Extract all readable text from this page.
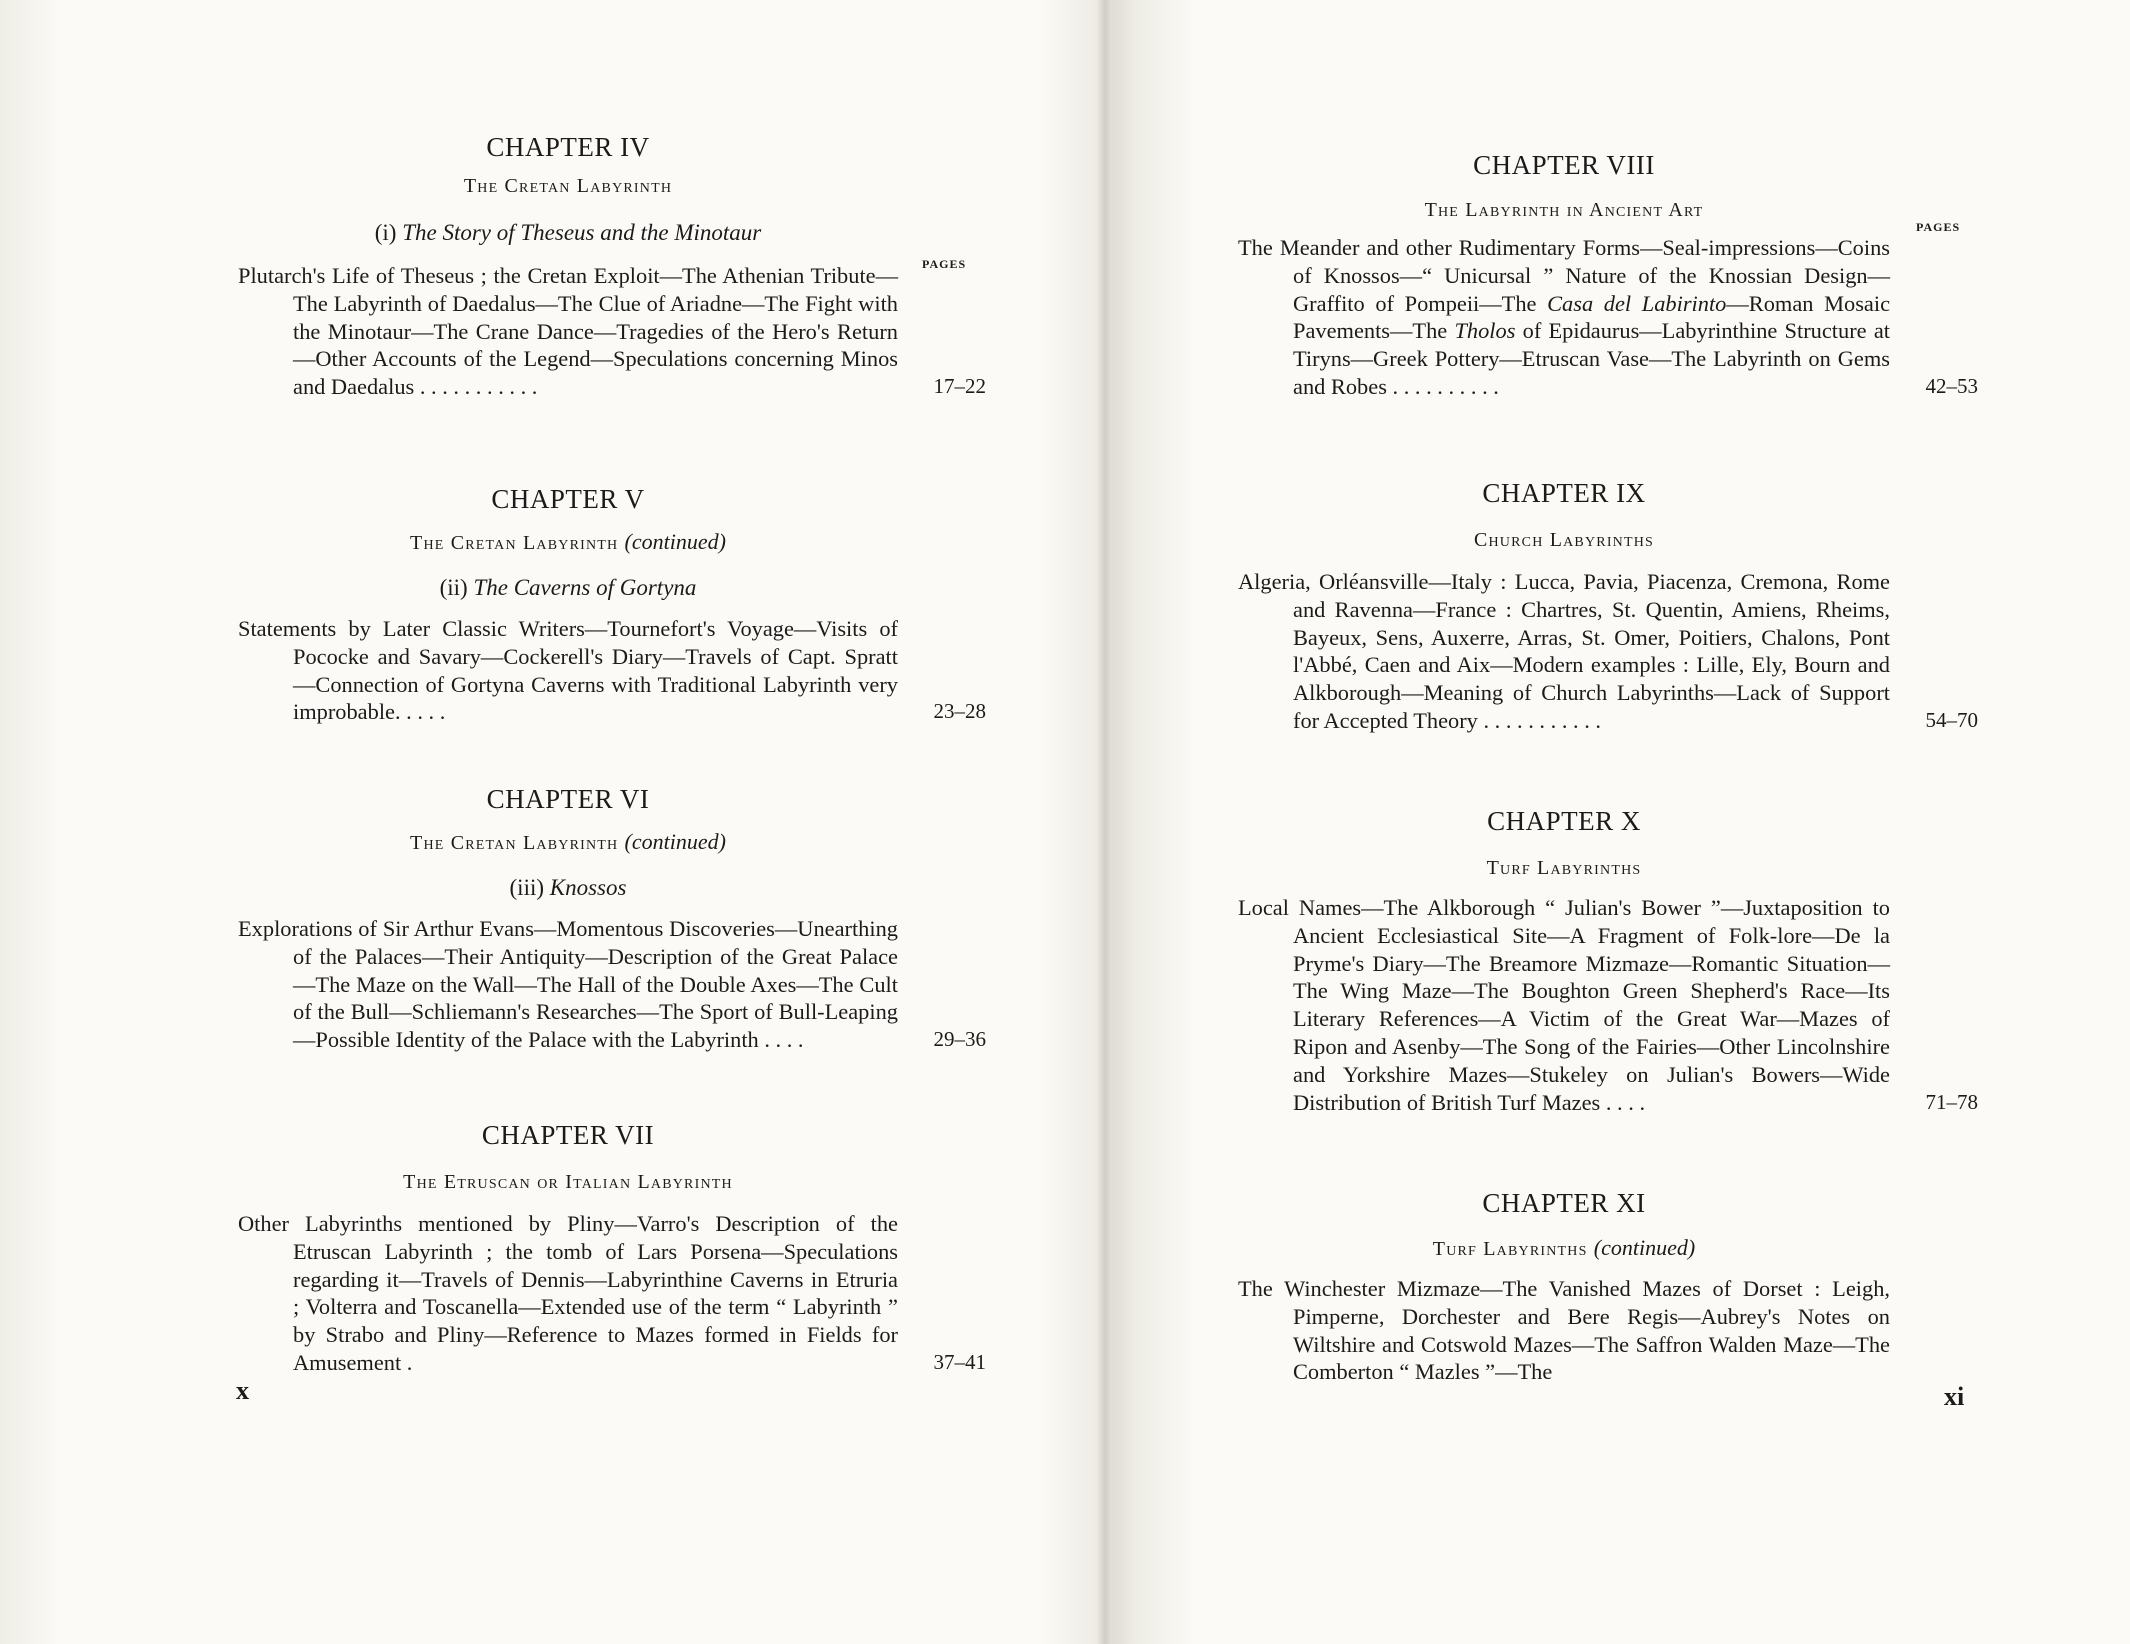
PAGES

CHAPTER IV

The Cretan Labyrinth

(i) The Story of Theseus and the Minotaur

Plutarch's Life of Theseus ; the Cretan Exploit—The Athenian Tribute—The Labyrinth of Daedalus—The Clue of Ariadne—The Fight with the Minotaur—The Crane Dance—Tragedies of the Hero's Return—Other Accounts of the Legend—Speculations concerning Minos and Daedalus . . . . . . . . . . .	17–22

CHAPTER V

The Cretan Labyrinth (continued)

(ii) The Caverns of Gortyna

Statements by Later Classic Writers—Tournefort's Voyage—Visits of Pococke and Savary—Cockerell's Diary—Travels of Capt. Spratt—Connection of Gortyna Caverns with Traditional Labyrinth very improbable. . . . .	23–28

CHAPTER VI

The Cretan Labyrinth (continued)

(iii) Knossos

Explorations of Sir Arthur Evans—Momentous Discoveries—Unearthing of the Palaces—Their Antiquity—Description of the Great Palace—The Maze on the Wall—The Hall of the Double Axes—The Cult of the Bull—Schliemann's Researches—The Sport of Bull-Leaping—Possible Identity of the Palace with the Labyrinth . . . .	29–36

CHAPTER VII

The Etruscan or Italian Labyrinth

Other Labyrinths mentioned by Pliny—Varro's Description of the Etruscan Labyrinth ; the tomb of Lars Porsena—Speculations regarding it—Travels of Dennis—Labyrinthine Caverns in Etruria ; Volterra and Toscanella—Extended use of the term “ Labyrinth ” by Strabo and Pliny—Reference to Mazes formed in Fields for Amusement .	37–41

x
PAGES

CHAPTER VIII

The Labyrinth in Ancient Art

The Meander and other Rudimentary Forms—Seal-impressions—Coins of Knossos—“ Unicursal ” Nature of the Knossian Design—Graffito of Pompeii—The Casa del Labirinto—Roman Mosaic Pavements—The Tholos of Epidaurus—Labyrinthine Structure at Tiryns—Greek Pottery—Etruscan Vase—The Labyrinth on Gems and Robes . . . . . . . . . .	42–53

CHAPTER IX

Church Labyrinths

Algeria, Orléansville—Italy : Lucca, Pavia, Piacenza, Cremona, Rome and Ravenna—France : Chartres, St. Quentin, Amiens, Rheims, Bayeux, Sens, Auxerre, Arras, St. Omer, Poitiers, Chalons, Pont l'Abbé, Caen and Aix—Modern examples : Lille, Ely, Bourn and Alkborough—Meaning of Church Labyrinths—Lack of Support for Accepted Theory . . . . . . . . . . .	54–70

CHAPTER X

Turf Labyrinths

Local Names—The Alkborough “ Julian's Bower ”—Juxtaposition to Ancient Ecclesiastical Site—A Fragment of Folk-lore—De la Pryme's Diary—The Breamore Mizmaze—Romantic Situation—The Wing Maze—The Boughton Green Shepherd's Race—Its Literary References—A Victim of the Great War—Mazes of Ripon and Asenby—The Song of the Fairies—Other Lincolnshire and Yorkshire Mazes—Stukeley on Julian's Bowers—Wide Distribution of British Turf Mazes . . . .	71–78

CHAPTER XI

Turf Labyrinths (continued)

The Winchester Mizmaze—The Vanished Mazes of Dorset : Leigh, Pimperne, Dorchester and Bere Regis—Aubrey's Notes on Wiltshire and Cotswold Mazes—The Saffron Walden Maze—The Comberton “ Mazles ”—The

xi
